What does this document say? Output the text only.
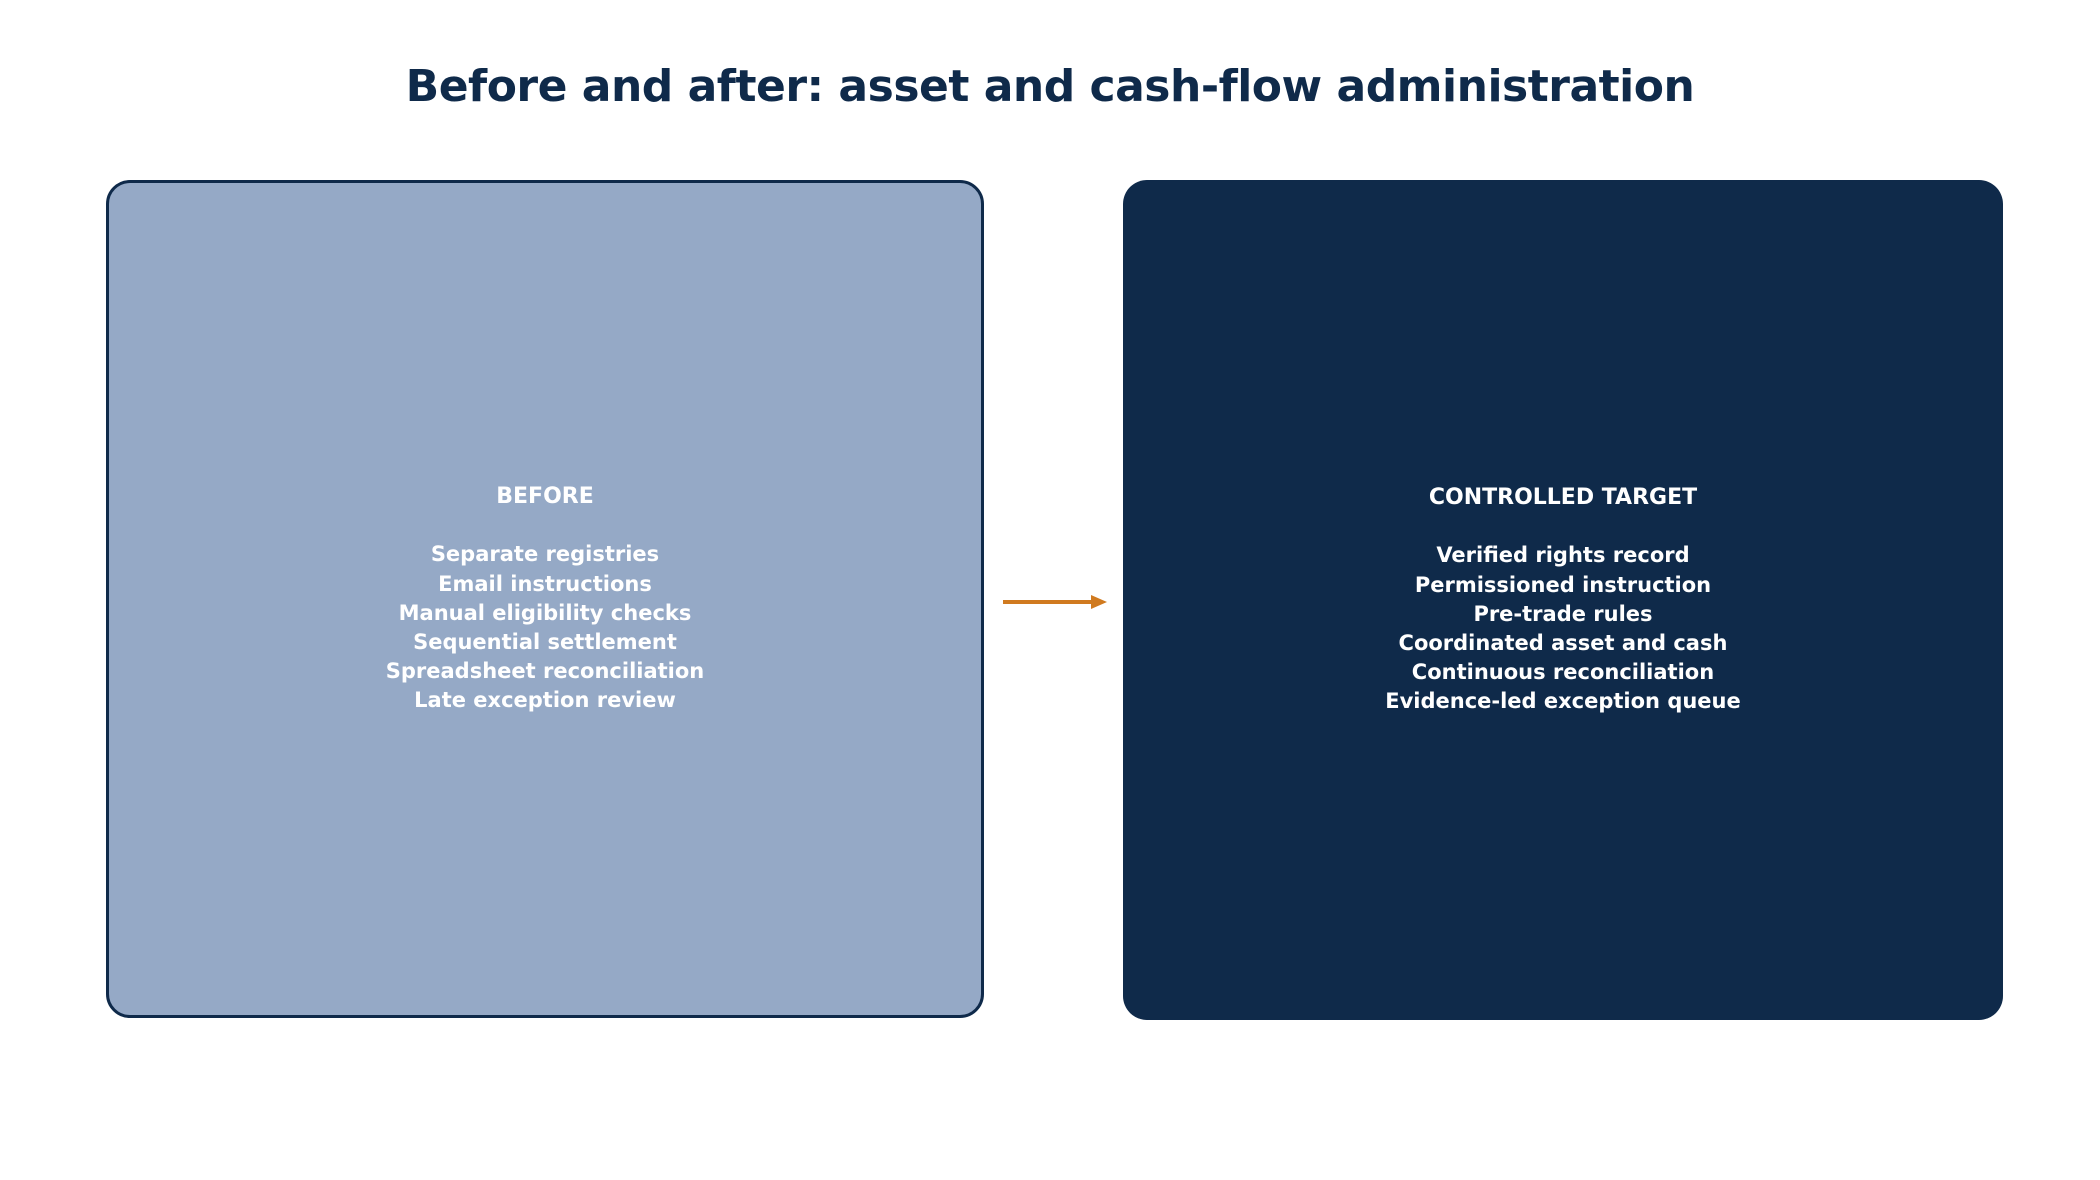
Before and after: asset and cash-flow administration
BEFORE
Separate registries
Email instructions
Manual eligibility checks
Sequential settlement
Spreadsheet reconciliation
Late exception review
CONTROLLED TARGET
Verified rights record
Permissioned instruction
Pre-trade rules
Coordinated asset and cash
Continuous reconciliation
Evidence-led exception queue
